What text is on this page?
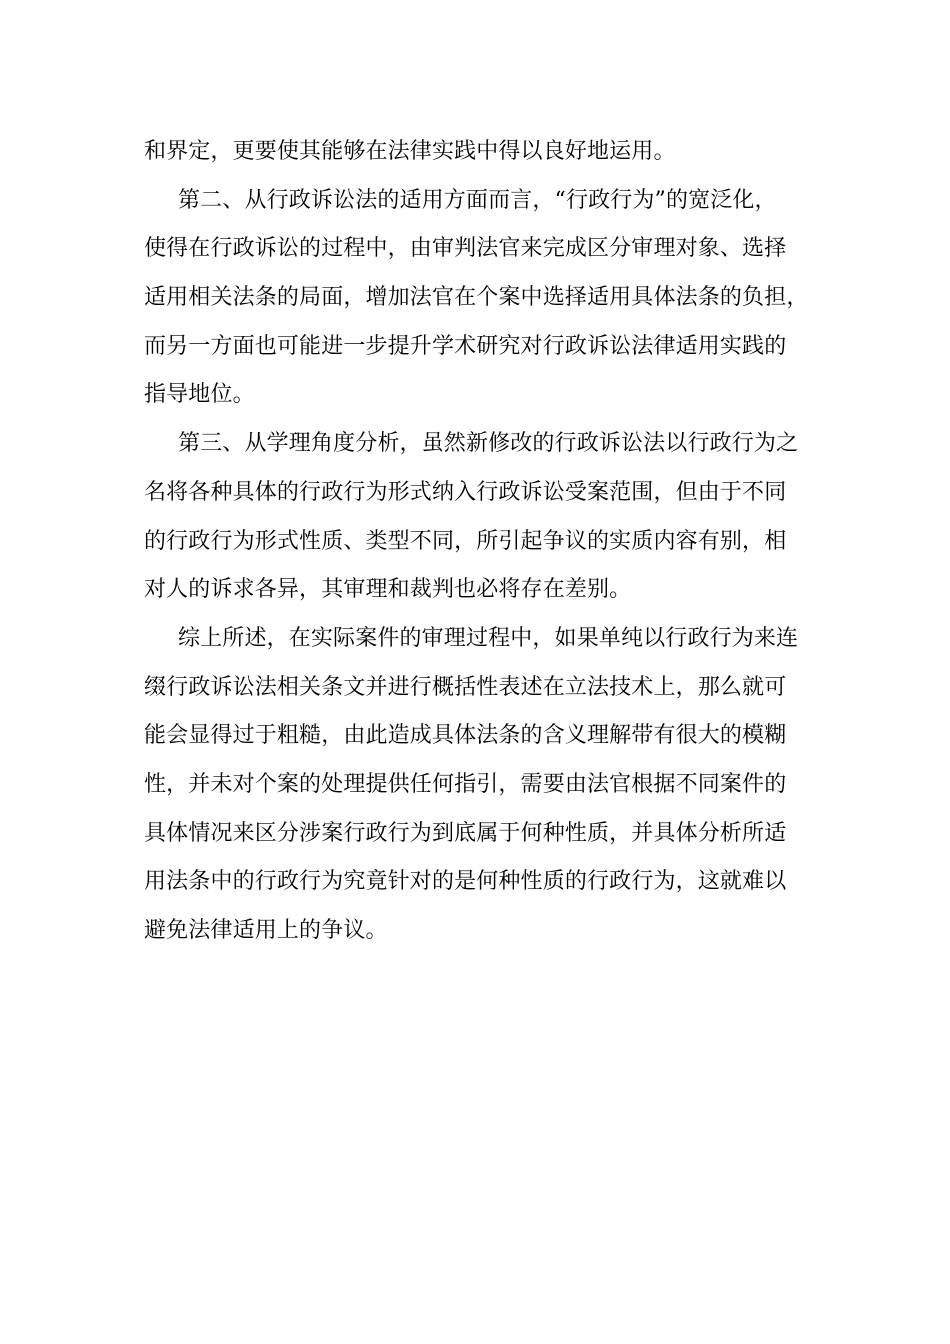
和界定，更要使其能够在法律实践中得以良好地运用。
第二、从行政诉讼法的适用方面而言，“行政行为”的宽泛化，
使得在行政诉讼的过程中，由审判法官来完成区分审理对象、选择
适用相关法条的局面，增加法官在个案中选择适用具体法条的负担，
而另一方面也可能进一步提升学术研究对行政诉讼法律适用实践的
指导地位。
第三、从学理角度分析，虽然新修改的行政诉讼法以行政行为之
名将各种具体的行政行为形式纳入行政诉讼受案范围，但由于不同
的行政行为形式性质、类型不同，所引起争议的实质内容有别，相
对人的诉求各异，其审理和裁判也必将存在差别。
综上所述，在实际案件的审理过程中，如果单纯以行政行为来连
缀行政诉讼法相关条文并进行概括性表述在立法技术上，那么就可
能会显得过于粗糙，由此造成具体法条的含义理解带有很大的模糊
性，并未对个案的处理提供任何指引，需要由法官根据不同案件的
具体情况来区分涉案行政行为到底属于何种性质，并具体分析所适
用法条中的行政行为究竟针对的是何种性质的行政行为，这就难以
避免法律适用上的争议。
